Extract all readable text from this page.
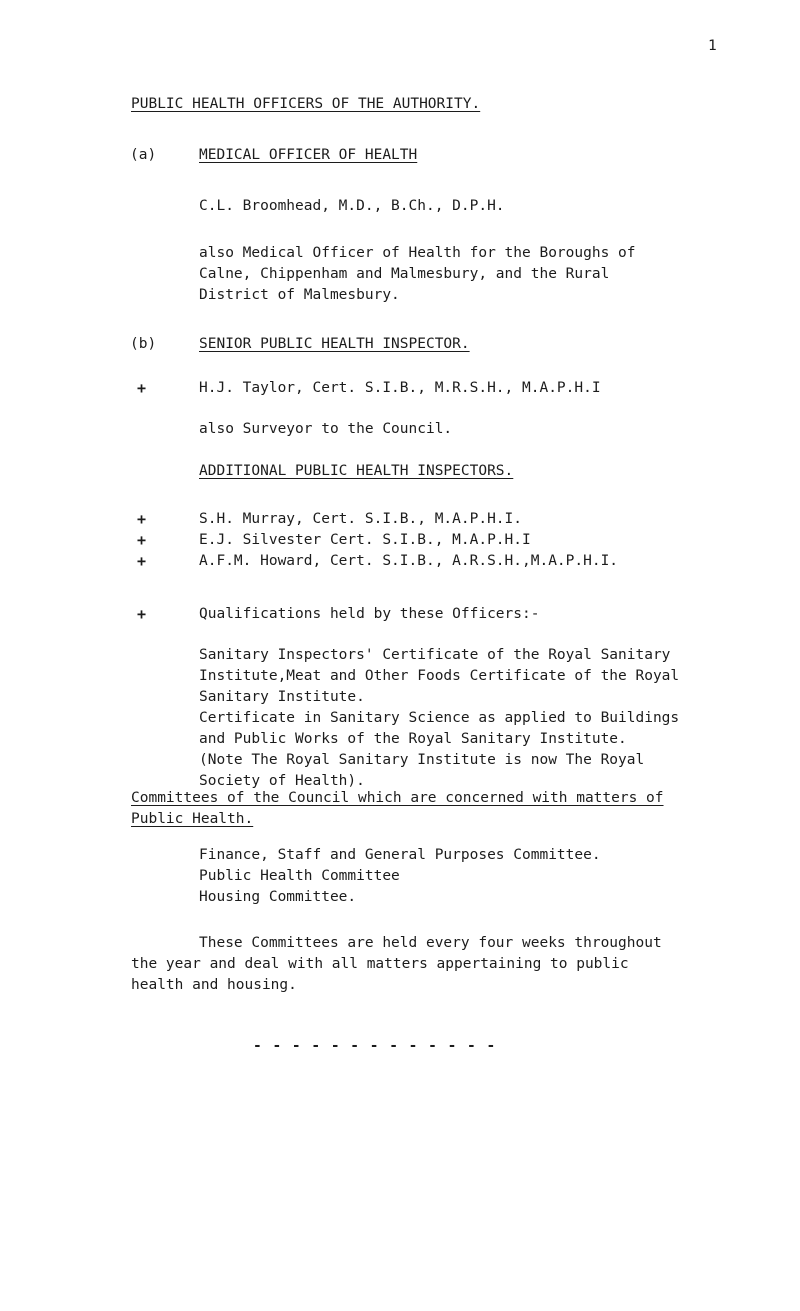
1
PUBLIC HEALTH OFFICERS OF THE AUTHORITY.
(a)	MEDICAL OFFICER OF HEALTH
C.L. Broomhead, M.D., B.Ch., D.P.H.
also Medical Officer of Health for the Boroughs of
Calne, Chippenham and Malmesbury, and the Rural
District of Malmesbury.
(b)	SENIOR PUBLIC HEALTH INSPECTOR.
+	H.J. Taylor, Cert. S.I.B., M.R.S.H., M.A.P.H.I
also Surveyor to the Council.
ADDITIONAL PUBLIC HEALTH INSPECTORS.
+	S.H. Murray, Cert. S.I.B., M.A.P.H.I.
+	E.J. Silvester Cert. S.I.B., M.A.P.H.I
+	A.F.M. Howard, Cert. S.I.B., A.R.S.H.,M.A.P.H.I.
+	Qualifications held by these Officers:-
Sanitary Inspectors' Certificate of the Royal Sanitary
Institute,Meat and Other Foods Certificate of the Royal
Sanitary Institute.
Certificate in Sanitary Science as applied to Buildings
and Public Works of the Royal Sanitary Institute.
(Note The Royal Sanitary Institute is now The Royal
Society of Health).
Committees of the Council which are concerned with matters of
Public Health.
Finance, Staff and General Purposes Committee.
Public Health Committee
Housing Committee.
These Committees are held every four weeks throughout
the year and deal with all matters appertaining to public
health and housing.
- - - - - - - - - - - - -
